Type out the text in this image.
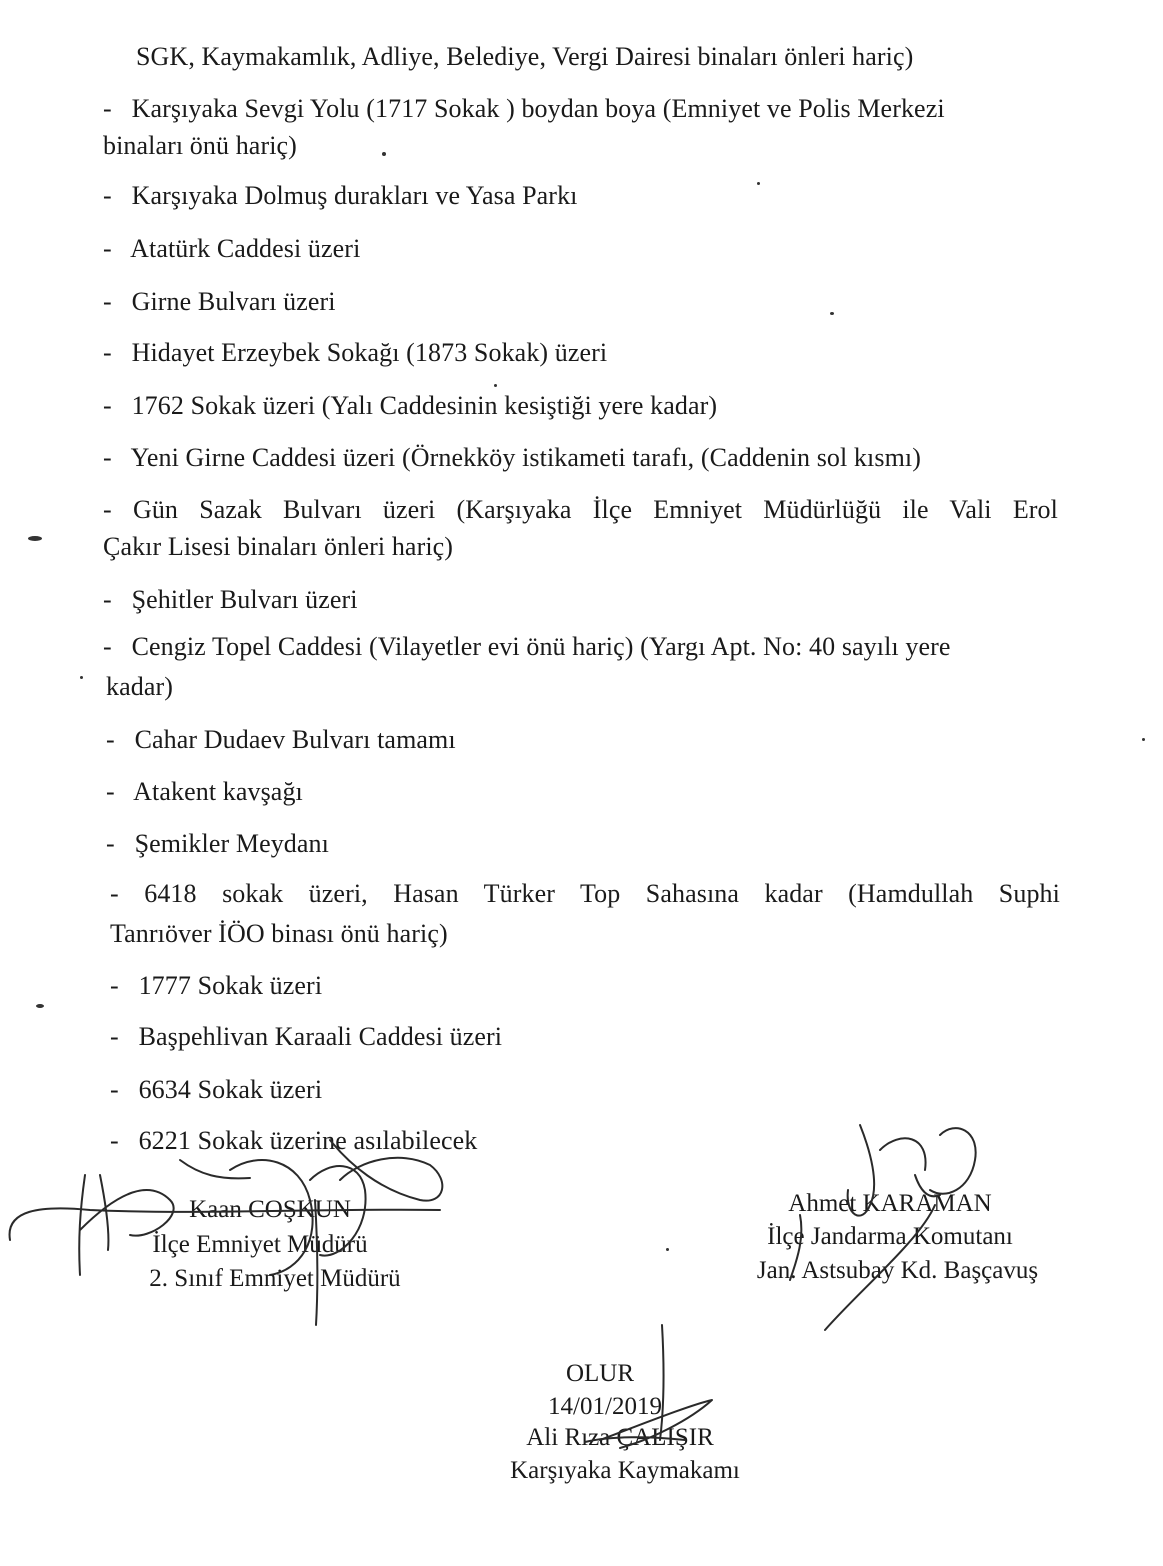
SGK, Kaymakamlık, Adliye, Belediye, Vergi Dairesi binaları önleri hariç)
- Karşıyaka Sevgi Yolu (1717 Sokak ) boydan boya (Emniyet ve Polis Merkezi
binaları önü hariç)
- Karşıyaka Dolmuş durakları ve Yasa Parkı
- Atatürk Caddesi üzeri
- Girne Bulvarı üzeri
- Hidayet Erzeybek Sokağı (1873 Sokak) üzeri
- 1762 Sokak üzeri (Yalı Caddesinin kesiştiği yere kadar)
- Yeni Girne Caddesi üzeri (Örnekköy istikameti tarafı, (Caddenin sol kısmı)
- Gün Sazak Bulvarı üzeri (Karşıyaka İlçe Emniyet Müdürlüğü ile Vali Erol
Çakır Lisesi binaları önleri hariç)
- Şehitler Bulvarı üzeri
- Cengiz Topel Caddesi (Vilayetler evi önü hariç) (Yargı Apt. No: 40 sayılı yere
kadar)
- Cahar Dudaev Bulvarı tamamı
- Atakent kavşağı
- Şemikler Meydanı
- 6418 sokak üzeri, Hasan Türker Top Sahasına kadar (Hamdullah Suphi
Tanrıöver İÖO binası önü hariç)
- 1777 Sokak üzeri
- Başpehlivan Karaali Caddesi üzeri
- 6634 Sokak üzeri
- 6221 Sokak üzerine asılabilecek
Kaan COŞKUN
İlçe Emniyet Müdürü
2. Sınıf Emniyet Müdürü
Ahmet KARAMAN
İlçe Jandarma Komutanı
Jan. Astsubay Kd. Başçavuş
OLUR
14/01/2019
Ali Rıza ÇALIŞIR
Karşıyaka Kaymakamı
